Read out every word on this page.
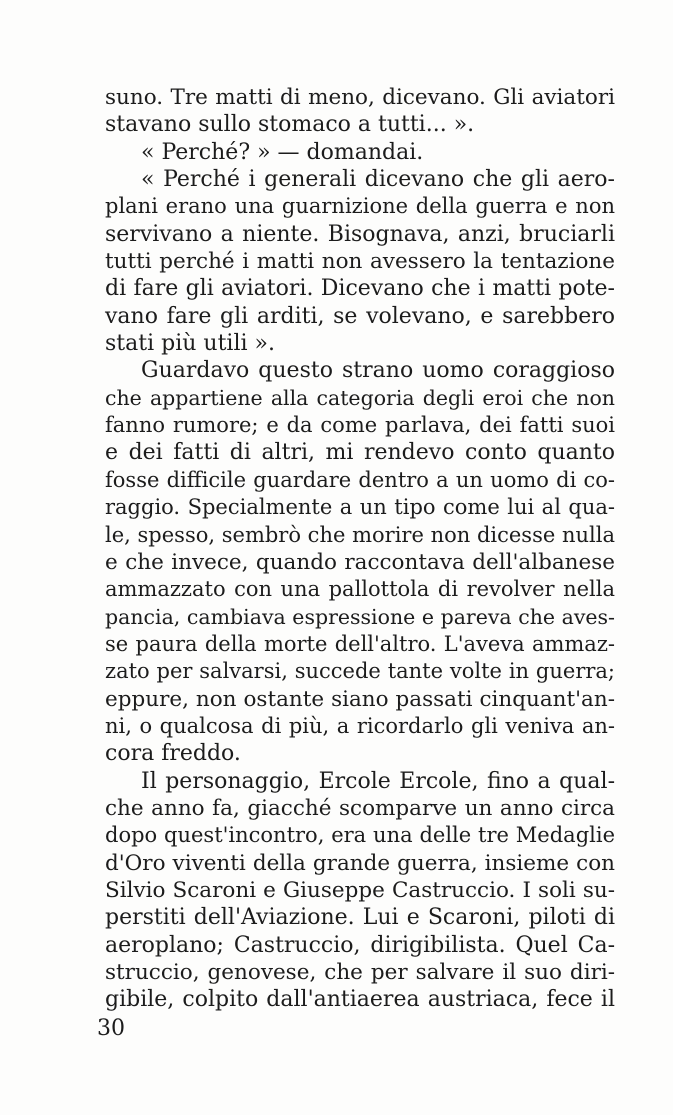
suno. Tre matti di meno, dicevano. Gli aviatori
stavano sullo stomaco a tutti... ».
« Perché? » — domandai.
« Perché i generali dicevano che gli aero-
plani erano una guarnizione della guerra e non
servivano a niente. Bisognava, anzi, bruciarli
tutti perché i matti non avessero la tentazione
di fare gli aviatori. Dicevano che i matti pote-
vano fare gli arditi, se volevano, e sarebbero
stati più utili ».
Guardavo questo strano uomo coraggioso
che appartiene alla categoria degli eroi che non
fanno rumore; e da come parlava, dei fatti suoi
e dei fatti di altri, mi rendevo conto quanto
fosse difficile guardare dentro a un uomo di co-
raggio. Specialmente a un tipo come lui al qua-
le, spesso, sembrò che morire non dicesse nulla
e che invece, quando raccontava dell'albanese
ammazzato con una pallottola di revolver nella
pancia, cambiava espressione e pareva che aves-
se paura della morte dell'altro. L'aveva ammaz-
zato per salvarsi, succede tante volte in guerra;
eppure, non ostante siano passati cinquant'an-
ni, o qualcosa di più, a ricordarlo gli veniva an-
cora freddo.
Il personaggio, Ercole Ercole, fino a qual-
che anno fa, giacché scomparve un anno circa
dopo quest'incontro, era una delle tre Medaglie
d'Oro viventi della grande guerra, insieme con
Silvio Scaroni e Giuseppe Castruccio. I soli su-
perstiti dell'Aviazione. Lui e Scaroni, piloti di
aeroplano; Castruccio, dirigibilista. Quel Ca-
struccio, genovese, che per salvare il suo diri-
gibile, colpito dall'antiaerea austriaca, fece il
30
